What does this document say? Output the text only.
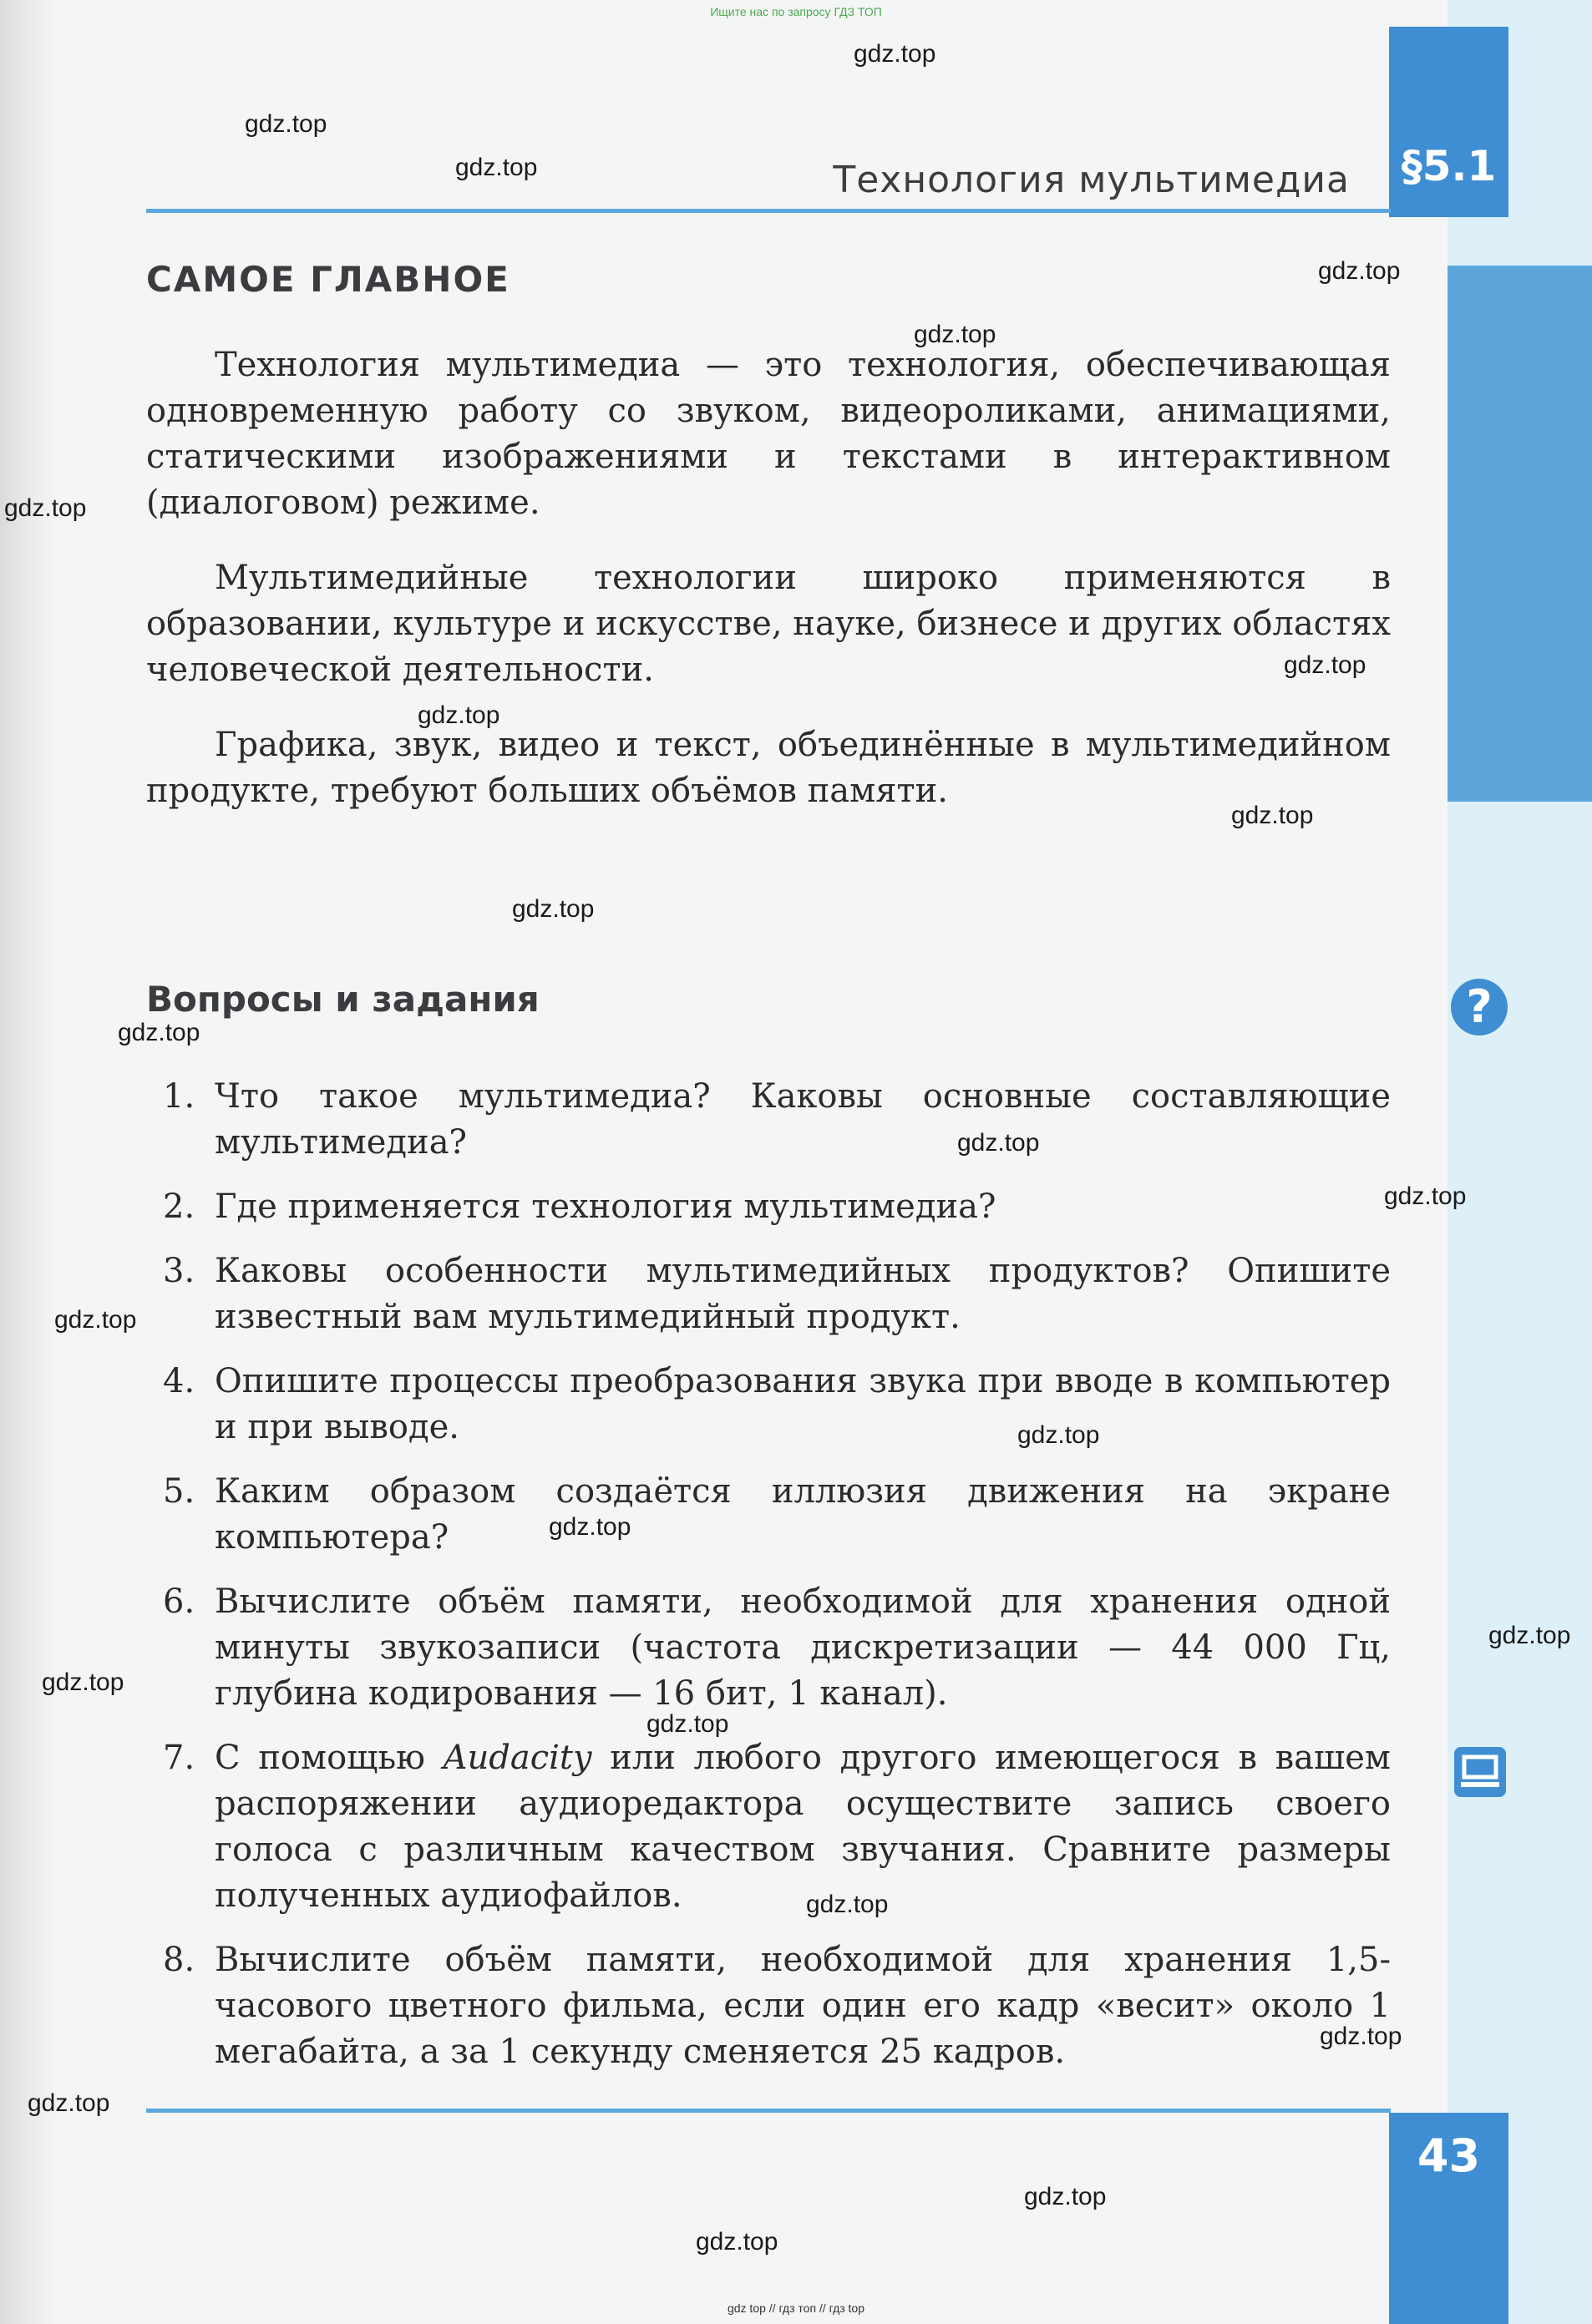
Ищите нас по запросу ГДЗ ТОП
§5.1
Технология мультимедиа
САМОЕ ГЛАВНОЕ

Технология мультимедиа — это технология, обеспечивающая одновременную работу со звуком, видеороликами, анимациями, статическими изображениями и текстами в интерактивном (диалоговом) режиме.

Мультимедийные технологии широко применяются в образовании, культуре и искусстве, науке, бизнесе и других областях человеческой деятельности.

Графика, звук, видео и текст, объединённые в мультимедийном продукте, требуют больших объёмов памяти.

Вопросы и задания	?
1. Что такое мультимедиа? Каковы основные составляющие мультимедиа?
2. Где применяется технология мультимедиа?
3. Каковы особенности мультимедийных продуктов? Опишите известный вам мультимедийный продукт.
4. Опишите процессы преобразования звука при вводе в компьютер и при выводе.
5. Каким образом создаётся иллюзия движения на экране компьютера?
6. Вычислите объём памяти, необходимой для хранения одной минуты звукозаписи (частота дискретизации — 44 000 Гц, глубина кодирования — 16 бит, 1 канал).
7. С помощью Audacity или любого другого имеющегося в вашем распоряжении аудиоредактора осуществите запись своего голоса с различным качеством звучания. Сравните размеры полученных аудиофайлов.
8. Вычислите объём памяти, необходимой для хранения 1,5-часового цветного фильма, если один его кадр «весит» около 1 мегабайта, а за 1 секунду сменяется 25 кадров.
43
gdz.top
gdz.top
gdz.top
gdz.top
gdz.top
gdz.top
gdz.top
gdz.top
gdz.top
gdz.top
gdz.top
gdz.top
gdz.top
gdz.top
gdz.top
gdz.top
gdz.top
gdz.top
gdz.top
gdz.top
gdz.top
gdz.top
gdz.top
gdz.top
gdz top // гдз топ // гдз top
